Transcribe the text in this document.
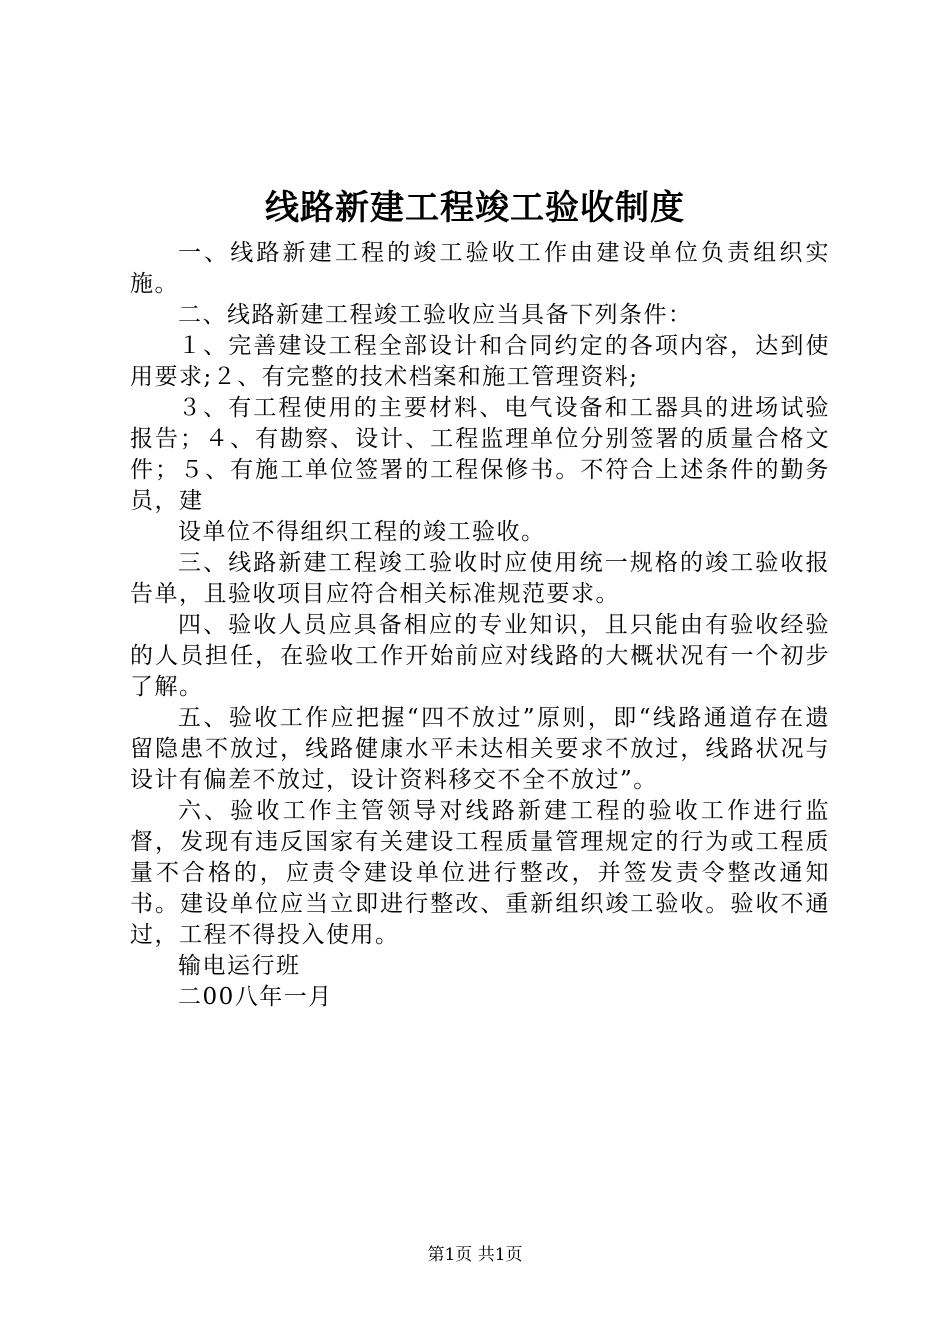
线路新建工程竣工验收制度

一、线路新建工程的竣工验收工作由建设单位负责组织实施。

二、线路新建工程竣工验收应当具备下列条件：

１、完善建设工程全部设计和合同约定的各项内容，达到使用要求;２、有完整的技术档案和施工管理资料;

３、有工程使用的主要材料、电气设备和工器具的进场试验报告；４、有勘察、设计、工程监理单位分别签署的质量合格文件；５、有施工单位签署的工程保修书。不符合上述条件的勤务员，建

设单位不得组织工程的竣工验收。

三、线路新建工程竣工验收时应使用统一规格的竣工验收报告单，且验收项目应符合相关标准规范要求。

四、验收人员应具备相应的专业知识，且只能由有验收经验的人员担任，在验收工作开始前应对线路的大概状况有一个初步了解。

五、验收工作应把握“四不放过”原则，即“线路通道存在遗留隐患不放过，线路健康水平未达相关要求不放过，线路状况与设计有偏差不放过，设计资料移交不全不放过”。

六、验收工作主管领导对线路新建工程的验收工作进行监督，发现有违反国家有关建设工程质量管理规定的行为或工程质量不合格的，应责令建设单位进行整改，并签发责令整改通知书。建设单位应当立即进行整改、重新组织竣工验收。验收不通过，工程不得投入使用。

输电运行班

二00八年一月

第1页 共1页
